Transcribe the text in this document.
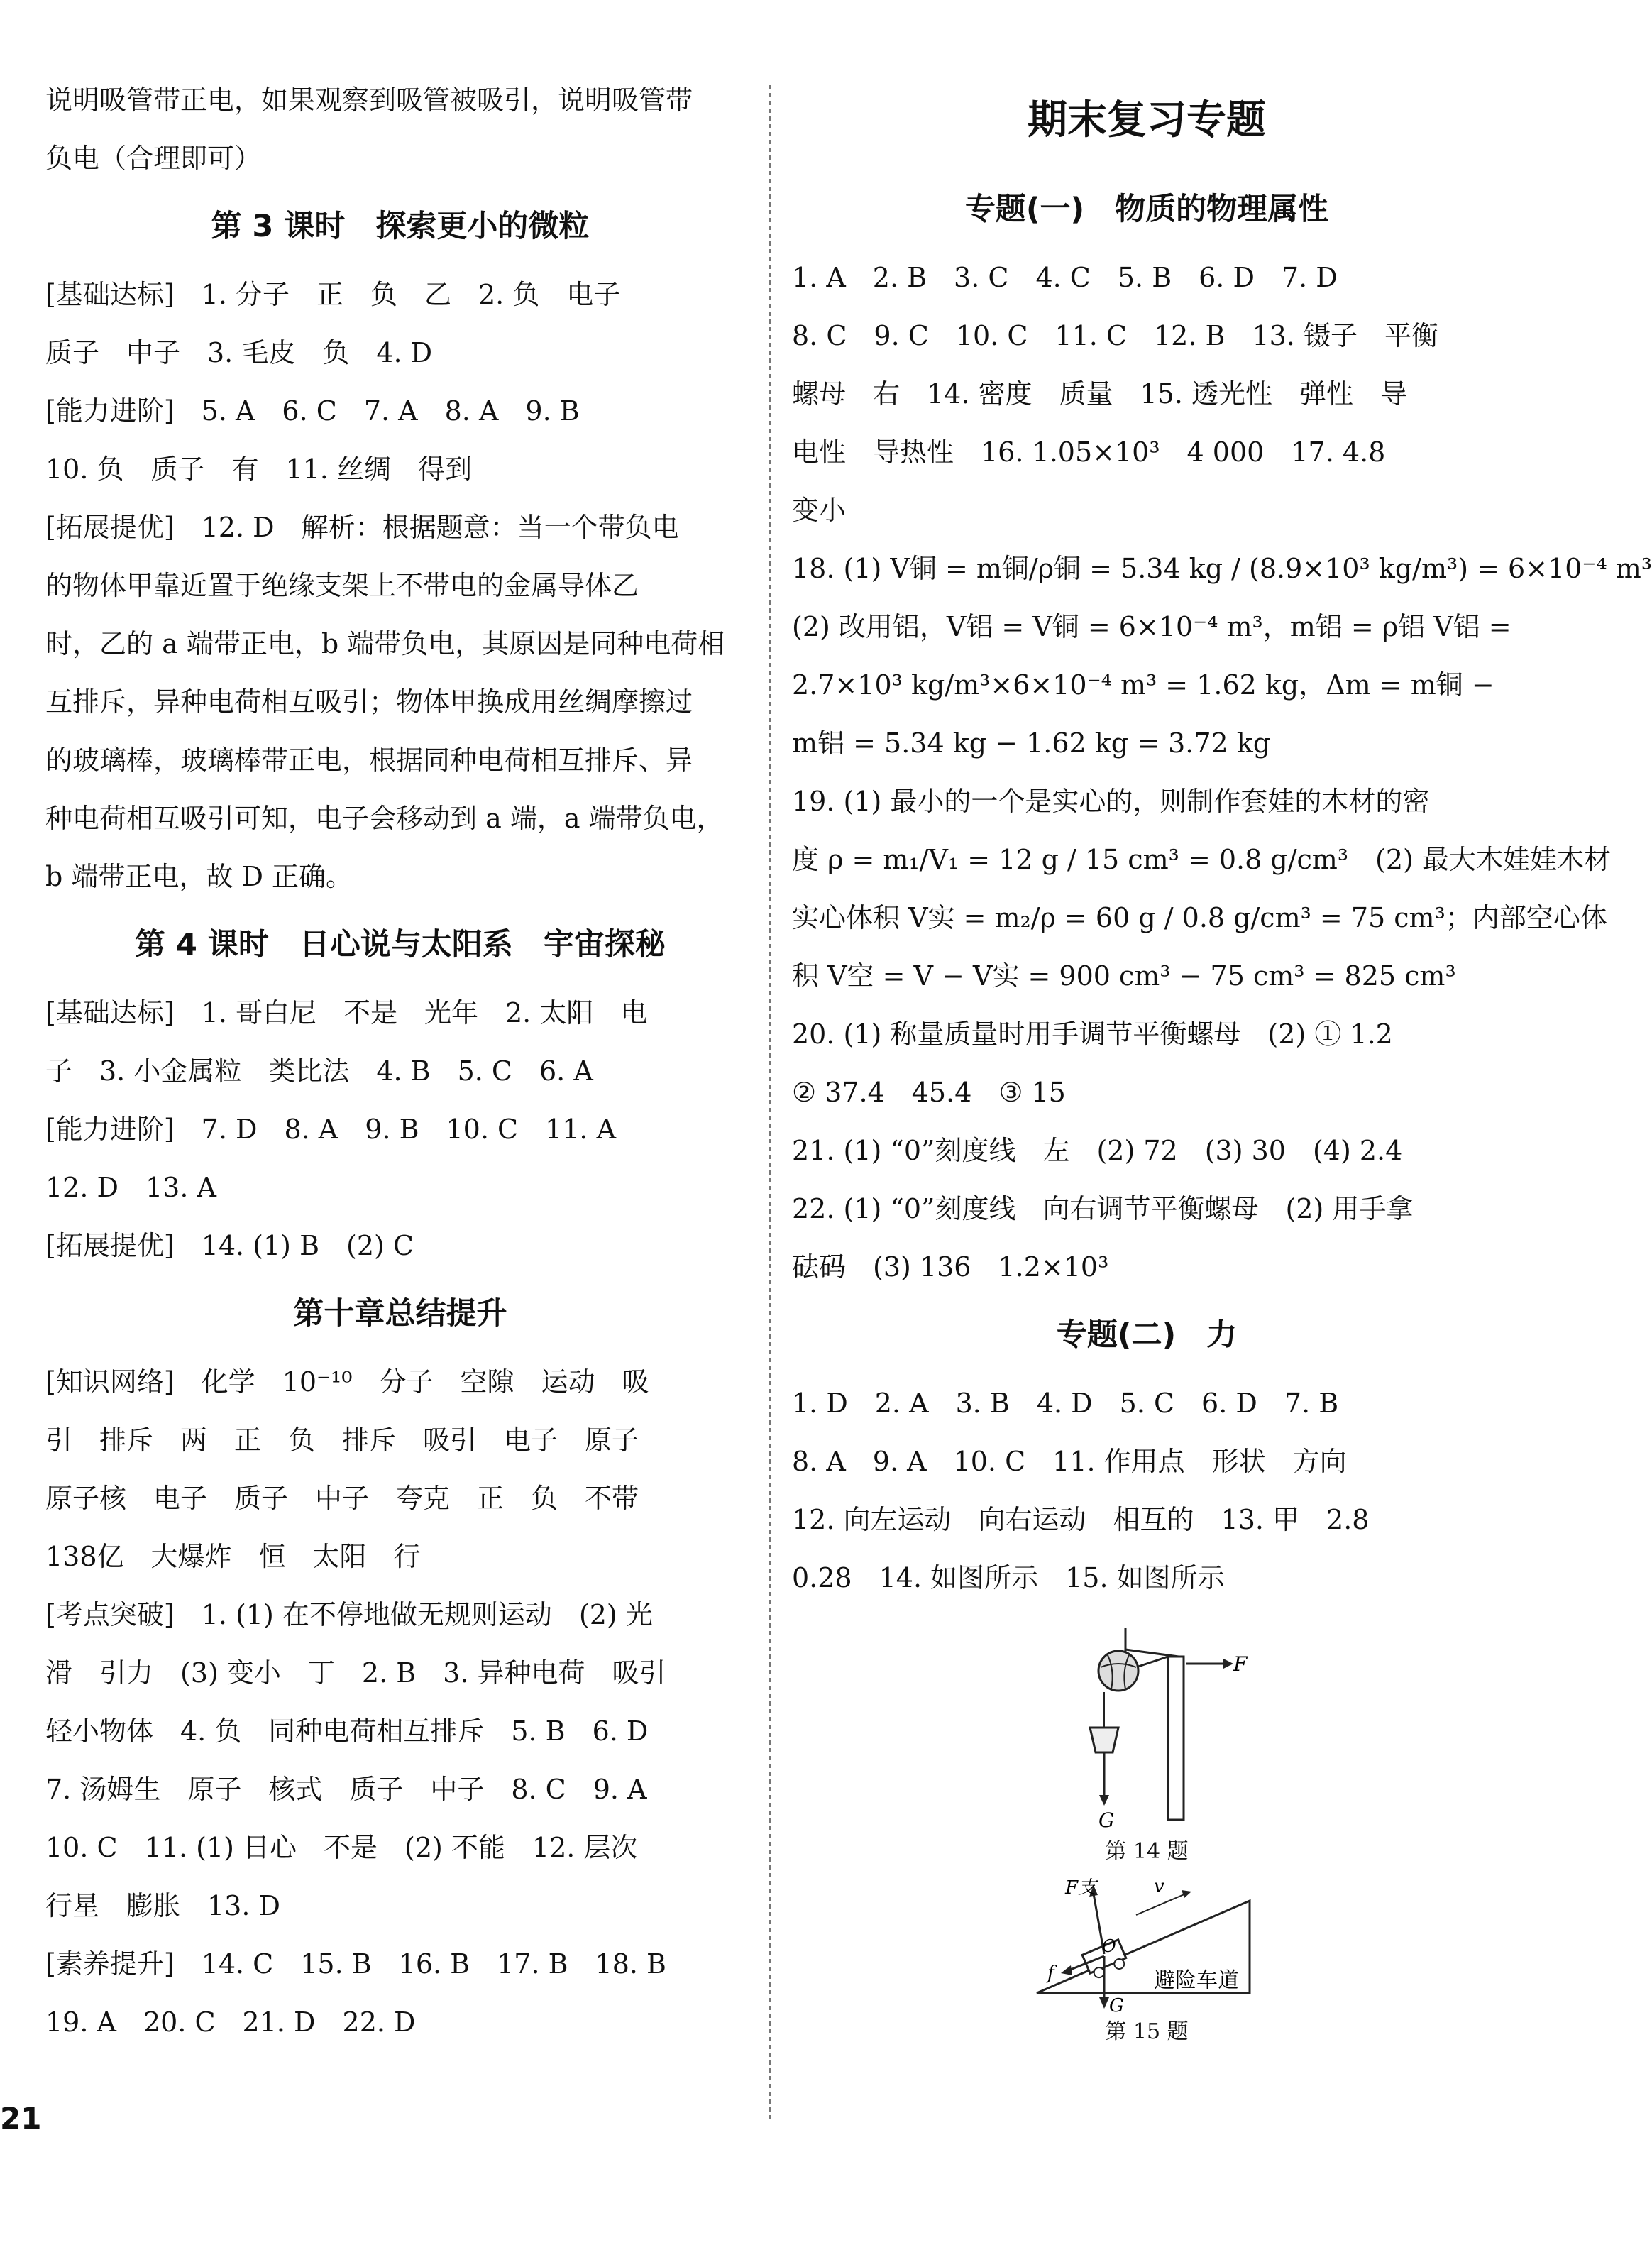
说明吸管带正电，如果观察到吸管被吸引，说明吸管带
负电（合理即可）
第 3 课时　探索更小的微粒
[基础达标]　1. 分子　正　负　乙　2. 负　电子
质子　中子　3. 毛皮　负　4. D
[能力进阶]　5. A　6. C　7. A　8. A　9. B
10. 负　质子　有　11. 丝绸　得到
[拓展提优]　12. D　解析：根据题意：当一个带负电
的物体甲靠近置于绝缘支架上不带电的金属导体乙
时，乙的 a 端带正电，b 端带负电，其原因是同种电荷相
互排斥，异种电荷相互吸引；物体甲换成用丝绸摩擦过
的玻璃棒，玻璃棒带正电，根据同种电荷相互排斥、异
种电荷相互吸引可知，电子会移动到 a 端，a 端带负电，
b 端带正电，故 D 正确。
第 4 课时　日心说与太阳系　宇宙探秘
[基础达标]　1. 哥白尼　不是　光年　2. 太阳　电
子　3. 小金属粒　类比法　4. B　5. C　6. A
[能力进阶]　7. D　8. A　9. B　10. C　11. A
12. D　13. A
[拓展提优]　14. (1) B　(2) C
第十章总结提升
[知识网络]　化学　10⁻¹⁰　分子　空隙　运动　吸
引　排斥　两　正　负　排斥　吸引　电子　原子
原子核　电子　质子　中子　夸克　正　负　不带
138亿　大爆炸　恒　太阳　行
[考点突破]　1. (1) 在不停地做无规则运动　(2) 光
滑　引力　(3) 变小　丁　2. B　3. 异种电荷　吸引
轻小物体　4. 负　同种电荷相互排斥　5. B　6. D
7. 汤姆生　原子　核式　质子　中子　8. C　9. A
10. C　11. (1) 日心　不是　(2) 不能　12. 层次
行星　膨胀　13. D
[素养提升]　14. C　15. B　16. B　17. B　18. B
19. A　20. C　21. D　22. D
期末复习专题
专题(一)　物质的物理属性
1. A　2. B　3. C　4. C　5. B　6. D　7. D
8. C　9. C　10. C　11. C　12. B　13. 镊子　平衡
螺母　右　14. 密度　质量　15. 透光性　弹性　导
电性　导热性　16. 1.05×10³　4 000　17. 4.8
变小
18. (1) V铜 = m铜/ρ铜 = 5.34 kg / (8.9×10³ kg/m³) = 6×10⁻⁴ m³
(2) 改用铝，V铝 = V铜 = 6×10⁻⁴ m³，m铝 = ρ铝 V铝 =
2.7×10³ kg/m³×6×10⁻⁴ m³ = 1.62 kg，Δm = m铜 −
m铝 = 5.34 kg − 1.62 kg = 3.72 kg
19. (1) 最小的一个是实心的，则制作套娃的木材的密
度 ρ = m₁/V₁ = 12 g / 15 cm³ = 0.8 g/cm³　(2) 最大木娃娃木材
实心体积 V实 = m₂/ρ = 60 g / 0.8 g/cm³ = 75 cm³；内部空心体
积 V空 = V − V实 = 900 cm³ − 75 cm³ = 825 cm³
20. (1) 称量质量时用手调节平衡螺母　(2) ① 1.2
② 37.4　45.4　③ 15
21. (1) “0”刻度线　左　(2) 72　(3) 30　(4) 2.4
22. (1) “0”刻度线　向右调节平衡螺母　(2) 用手拿
砝码　(3) 136　1.2×10³
专题(二)　力
1. D　2. A　3. B　4. D　5. C　6. D　7. B
8. A　9. A　10. C　11. 作用点　形状　方向
12. 向左运动　向右运动　相互的　13. 甲　2.8
0.28　14. 如图所示　15. 如图所示
F
G
第 14 题
F支	v
f
O
G
避险车道
第 15 题
21
